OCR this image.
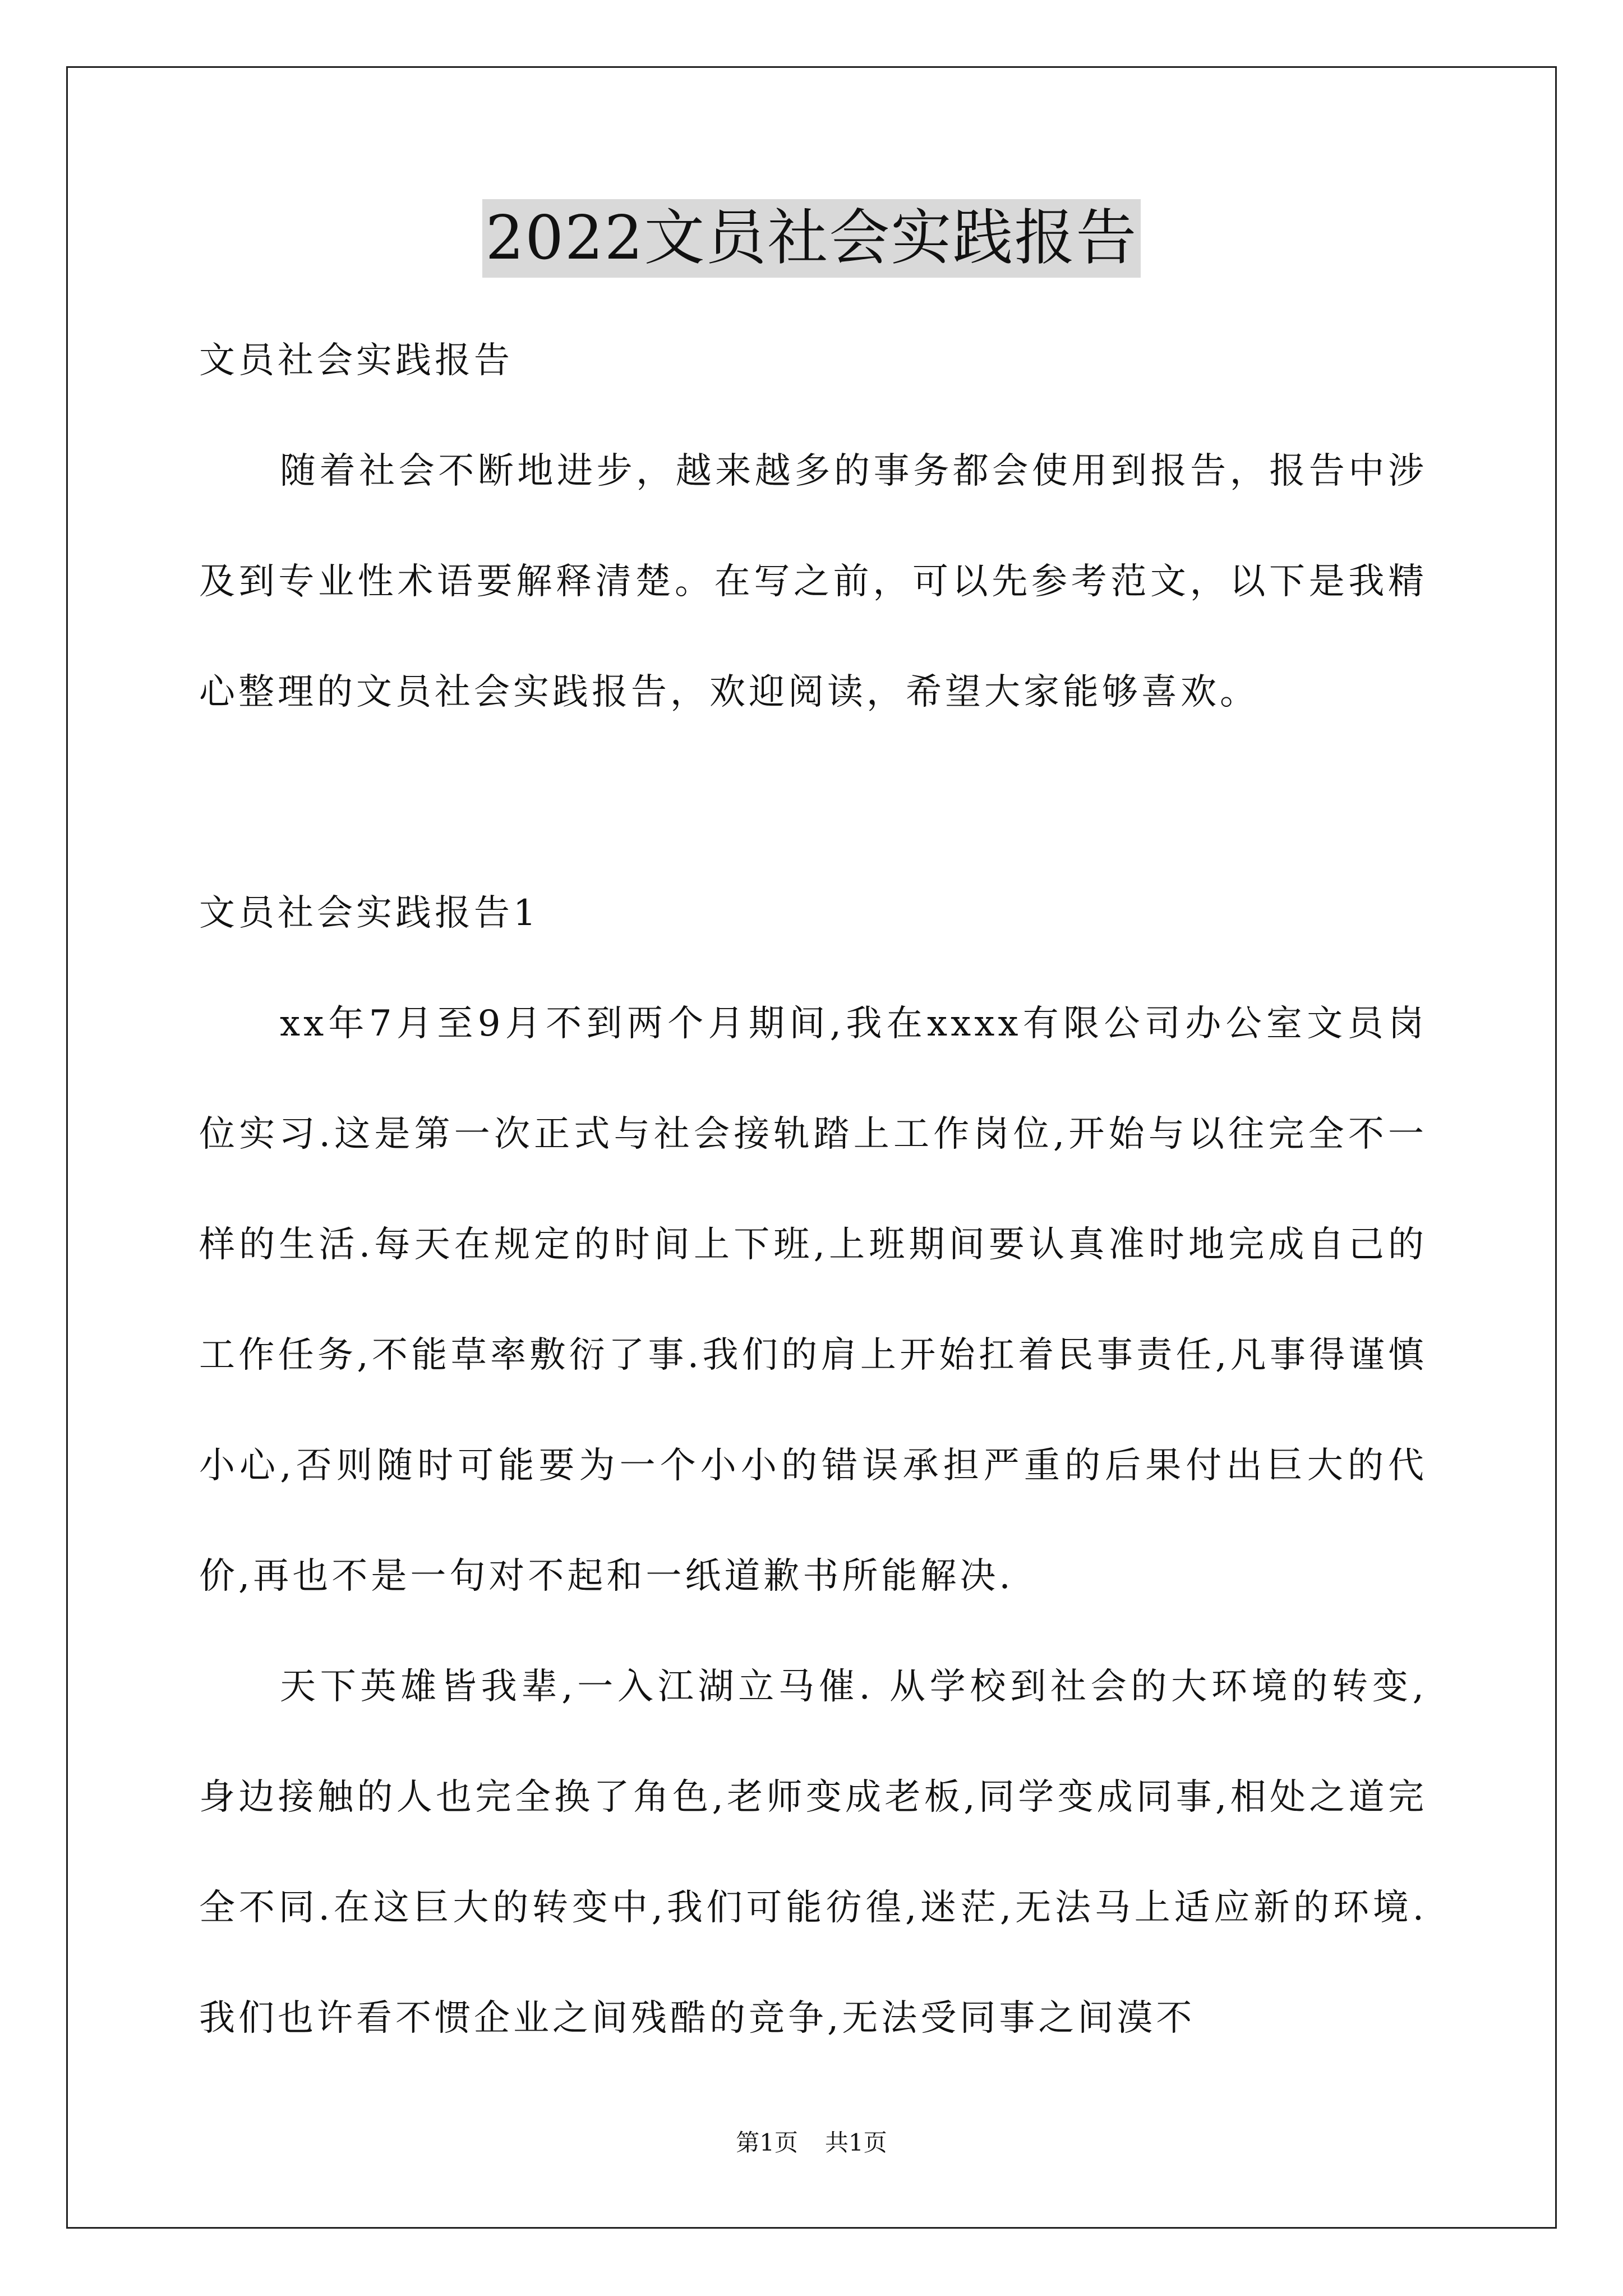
2022文员社会实践报告

文员社会实践报告

随着社会不断地进步，越来越多的事务都会使用到报告，报告中涉及到专业性术语要解释清楚。在写之前，可以先参考范文，以下是我精心整理的文员社会实践报告，欢迎阅读，希望大家能够喜欢。

文员社会实践报告1

xx年7月至9月不到两个月期间,我在xxxx有限公司办公室文员岗位实习.这是第一次正式与社会接轨踏上工作岗位,开始与以往完全不一样的生活.每天在规定的时间上下班,上班期间要认真准时地完成自己的工作任务,不能草率敷衍了事.我们的肩上开始扛着民事责任,凡事得谨慎小心,否则随时可能要为一个小小的错误承担严重的后果付出巨大的代价,再也不是一句对不起和一纸道歉书所能解决.

天下英雄皆我辈,一入江湖立马催. 从学校到社会的大环境的转变,身边接触的人也完全换了角色,老师变成老板,同学变成同事,相处之道完全不同.在这巨大的转变中,我们可能彷徨,迷茫,无法马上适应新的环境.我们也许看不惯企业之间残酷的竞争,无法受同事之间漠不

第1页 共1页
